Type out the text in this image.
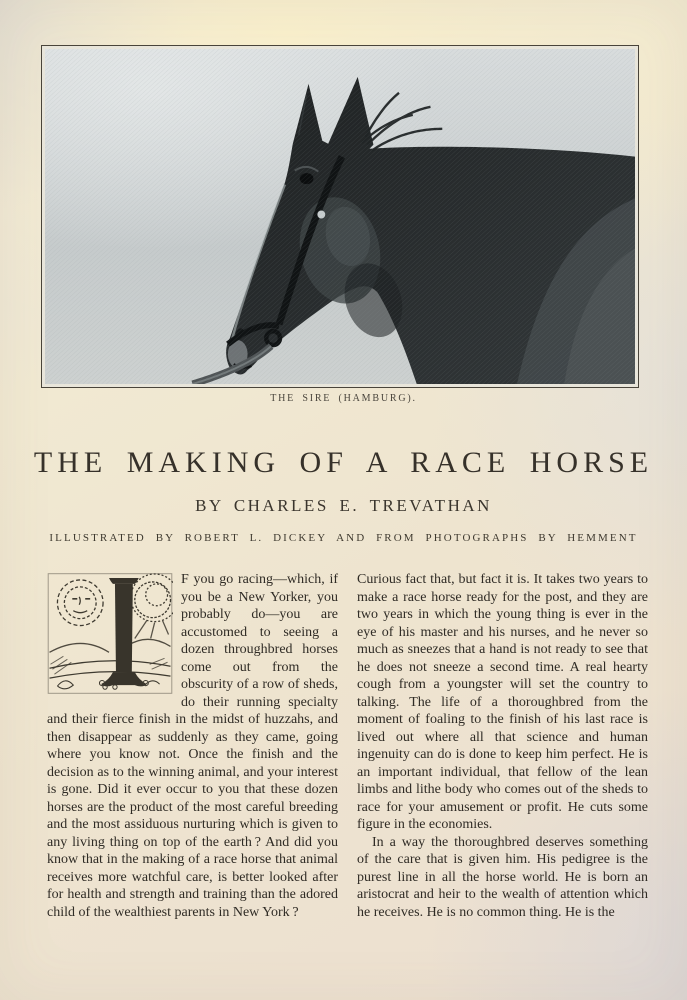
THE SIRE (HAMBURG).
THE MAKING OF A RACE HORSE
BY CHARLES E. TREVATHAN
ILLUSTRATED BY ROBERT L. DICKEY AND FROM PHOTOGRAPHS BY HEMMENT

F you go racing—which, if you be a New Yorker, you probably do—you are accustomed to seeing a dozen throughbred horses come out from the obscurity of a row of sheds, do their running specialty and their fierce finish in the midst of huzzahs, and then disappear as suddenly as they came, going where you know not. Once the finish and the decision as to the winning animal, and your interest is gone. Did it ever occur to you that these dozen horses are the product of the most careful breeding and the most assiduous nurturing which is given to any living thing on top of the earth ? And did you know that in the making of a race horse that animal receives more watchful care, is better looked after for health and strength and training than the adored child of the wealthiest parents in New York ?

Curious fact that, but fact it is. It takes two years to make a race horse ready for the post, and they are two years in which the young thing is ever in the eye of his master and his nurses, and he never so much as sneezes that a hand is not ready to see that he does not sneeze a second time. A real hearty cough from a youngster will set the country to talking. The life of a thoroughbred from the moment of foaling to the finish of his last race is lived out where all that science and human ingenuity can do is done to keep him perfect. He is an important individual, that fellow of the lean limbs and lithe body who comes out of the sheds to race for your amusement or profit. He cuts some figure in the economies.

In a way the thoroughbred deserves something of the care that is given him. His pedigree is the purest line in all the horse world. He is born an aristocrat and heir to the wealth of attention which he receives. He is no common thing. He is the
